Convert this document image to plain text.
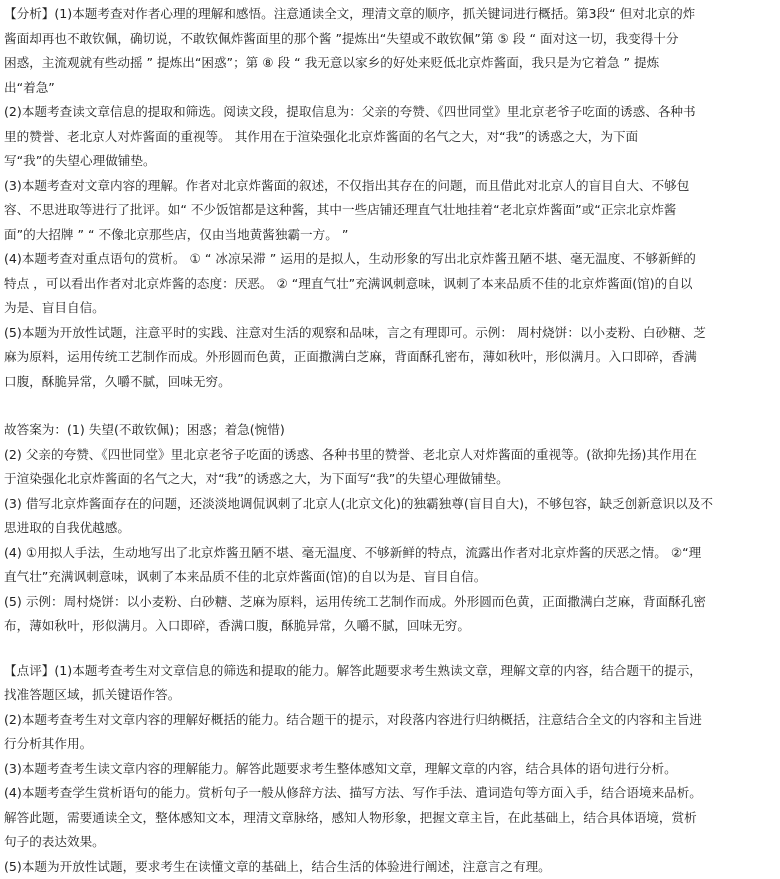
【分析】(1)本题考查对作者心理的理解和感悟。注意通读全文，理清文章的顺序，抓关键词进行概括。第3段“ 但对北京的炸
酱面却再也不敢钦佩，确切说，不敢钦佩炸酱面里的那个酱 ”提炼出“失望或不敢钦佩”第 ⑤ 段 “ 面对这一切，我变得十分
困惑，主流观就有些动摇 ” 提炼出“困惑”；第 ⑧ 段 “ 我无意以家乡的好处来贬低北京炸酱面，我只是为它着急 ” 提炼
出“着急”
(2)本题考查读文章信息的提取和筛选。阅读文段，提取信息为：父亲的夸赞、《四世同堂》里北京老爷子吃面的诱惑、各种书
里的赞誉、老北京人对炸酱面的重视等。 其作用在于渲染强化北京炸酱面的名气之大，对“我”的诱惑之大，为下面
写“我”的失望心理做铺垫。
(3)本题考查对文章内容的理解。作者对北京炸酱面的叙述，不仅指出其存在的问题，而且借此对北京人的盲目自大、不够包
容、不思进取等进行了批评。如“ 不少饭馆都是这种酱，其中一些店铺还理直气壮地挂着“老北京炸酱面”或“正宗北京炸酱
面”的大招牌 ” “ 不像北京那些店，仅由当地黄酱独霸一方。 ”
(4)本题考查对重点语句的赏析。 ① “ 冰凉呆滞 ” 运用的是拟人，生动形象的写出北京炸酱丑陋不堪、毫无温度、不够新鲜的
特点 ，可以看出作者对北京炸酱的态度：厌恶。 ② “理直气壮”充满讽刺意味，讽刺了本来品质不佳的北京炸酱面(馆)的自以
为是、盲目自信。
(5)本题为开放性试题，注意平时的实践、注意对生活的观察和品味，言之有理即可。示例： 周村烧饼：以小麦粉、白砂糖、芝
麻为原料，运用传统工艺制作而成。外形圆而色黄，正面撒满白芝麻，背面酥孔密布，薄如秋叶，形似满月。入口即碎，香满
口腹，酥脆异常，久嚼不腻，回味无穷。
故答案为：(1) 失望(不敢钦佩)；困惑；着急(惋惜)
(2) 父亲的夸赞、《四世同堂》里北京老爷子吃面的诱惑、各种书里的赞誉、老北京人对炸酱面的重视等。(欲抑先扬)其作用在
于渲染强化北京炸酱面的名气之大，对“我”的诱惑之大，为下面写“我”的失望心理做铺垫。
(3) 借写北京炸酱面存在的问题，还淡淡地调侃讽刺了北京人(北京文化)的独霸独尊(盲目自大)，不够包容，缺乏创新意识以及不
思进取的自我优越感。
(4) ①用拟人手法，生动地写出了北京炸酱丑陋不堪、毫无温度、不够新鲜的特点，流露出作者对北京炸酱的厌恶之情。 ②“理
直气壮”充满讽刺意味，讽刺了本来品质不佳的北京炸酱面(馆)的自以为是、盲目自信。
(5) 示例：周村烧饼：以小麦粉、白砂糖、芝麻为原料，运用传统工艺制作而成。外形圆而色黄，正面撒满白芝麻，背面酥孔密
布，薄如秋叶，形似满月。入口即碎，香满口腹，酥脆异常，久嚼不腻，回味无穷。
【点评】(1)本题考查考生对文章信息的筛选和提取的能力。解答此题要求考生熟读文章，理解文章的内容，结合题干的提示，
找准答题区域，抓关键语作答。
(2)本题考查考生对文章内容的理解好概括的能力。结合题干的提示，对段落内容进行归纳概括，注意结合全文的内容和主旨进
行分析其作用。
(3)本题考查考生读文章内容的理解能力。解答此题要求考生整体感知文章，理解文章的内容，结合具体的语句进行分析。
(4)本题考查学生赏析语句的能力。赏析句子一般从修辞方法、描写方法、写作手法、遣词造句等方面入手，结合语境来品析。
解答此题，需要通读全文，整体感知文本，理清文章脉络，感知人物形象，把握文章主旨，在此基础上，结合具体语境，赏析
句子的表达效果。
(5)本题为开放性试题，要求考生在读懂文章的基础上，结合生活的体验进行阐述，注意言之有理。
